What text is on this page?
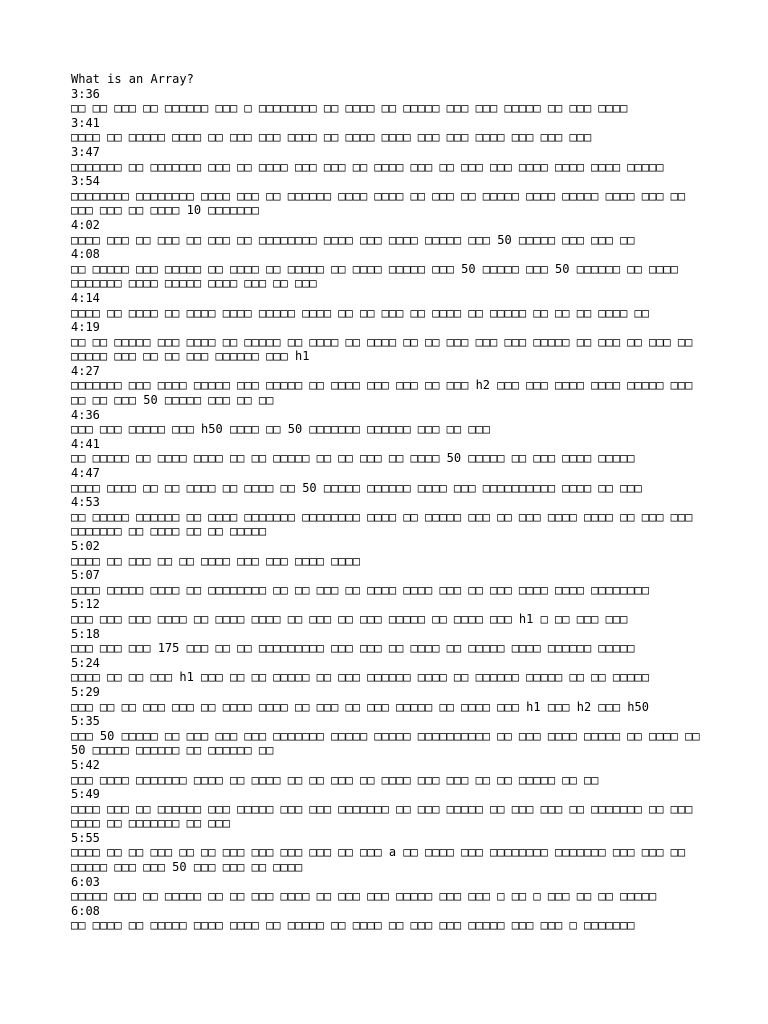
What is an Array?
3:36
□□ □□ □□□ □□ □□□□□□ □□□ □ □□□□□□□□ □□ □□□□ □□ □□□□□ □□□ □□□ □□□□□ □□ □□□ □□□□
3:41
□□□□ □□ □□□□□ □□□□ □□ □□□ □□□ □□□□ □□ □□□□ □□□□ □□□ □□□ □□□□ □□□ □□□ □□□
3:47
□□□□□□□ □□ □□□□□□□ □□□ □□ □□□□ □□□ □□□ □□ □□□□ □□□ □□ □□□ □□□ □□□□ □□□□ □□□□ □□□□□
3:54
□□□□□□□□ □□□□□□□□ □□□□ □□□ □□ □□□□□□ □□□□ □□□□ □□ □□□ □□ □□□□□ □□□□ □□□□□ □□□□ □□□ □□ □□□ □□□ □□ □□□□ 10 □□□□□□□
4:02
□□□□ □□□ □□ □□□ □□ □□□ □□ □□□□□□□□ □□□□ □□□ □□□□ □□□□□ □□□ 50 □□□□□ □□□ □□□ □□
4:08
□□ □□□□□ □□□ □□□□□ □□ □□□□ □□ □□□□□ □□ □□□□ □□□□□ □□□ 50 □□□□□ □□□ 50 □□□□□□ □□ □□□□ □□□□□□□ □□□□ □□□□□ □□□□ □□□ □□ □□□
4:14
□□□□ □□ □□□□ □□ □□□□ □□□□ □□□□□ □□□□ □□ □□ □□□ □□ □□□□ □□ □□□□□ □□ □□ □□ □□□□ □□
4:19
□□ □□ □□□□□ □□□ □□□□ □□ □□□□□ □□ □□□□ □□ □□□□ □□ □□ □□□ □□□ □□□ □□□□□ □□ □□□ □□ □□□ □□ □□□□□ □□□ □□ □□ □□□ □□□□□□ □□□ h1
4:27
□□□□□□□ □□□ □□□□ □□□□□ □□□ □□□□□ □□ □□□□ □□□ □□□ □□ □□□ h2 □□□ □□□ □□□□ □□□□ □□□□□ □□□ □□ □□ □□□ 50 □□□□□ □□□ □□ □□
4:36
□□□ □□□ □□□□□ □□□ h50 □□□□ □□ 50 □□□□□□□ □□□□□□ □□□ □□ □□□
4:41
□□ □□□□□ □□ □□□□ □□□□ □□ □□ □□□□□ □□ □□ □□□ □□ □□□□ 50 □□□□□ □□ □□□ □□□□ □□□□□
4:47
□□□□ □□□□ □□ □□ □□□□ □□ □□□□ □□ 50 □□□□□ □□□□□□ □□□□ □□□ □□□□□□□□□□ □□□□ □□ □□□
4:53
□□ □□□□□ □□□□□□ □□ □□□□ □□□□□□□ □□□□□□□□ □□□□ □□ □□□□□ □□□ □□ □□□ □□□□ □□□□ □□ □□□ □□□ □□□□□□□ □□ □□□□ □□ □□ □□□□□
5:02
□□□□ □□ □□□ □□ □□ □□□□ □□□ □□□ □□□□ □□□□
5:07
□□□□ □□□□□ □□□□ □□ □□□□□□□□ □□ □□ □□□ □□ □□□□ □□□□ □□□ □□ □□□ □□□□ □□□□ □□□□□□□□
5:12
□□□ □□□ □□□ □□□□ □□ □□□□ □□□□ □□ □□□ □□ □□□ □□□□□ □□ □□□□ □□□ h1 □ □□ □□□ □□□
5:18
□□□ □□□ □□□ 175 □□□ □□ □□ □□□□□□□□□ □□□ □□□ □□ □□□□ □□ □□□□□ □□□□ □□□□□□ □□□□□
5:24
□□□□ □□ □□ □□□ h1 □□□ □□ □□ □□□□□ □□ □□□ □□□□□□ □□□□ □□ □□□□□□ □□□□□ □□ □□ □□□□□
5:29
□□□ □□ □□ □□□ □□□ □□ □□□□ □□□□ □□ □□□ □□ □□□ □□□□□ □□ □□□□ □□□ h1 □□□ h2 □□□ h50
5:35
□□□ 50 □□□□□ □□ □□□ □□□ □□□ □□□□□□□ □□□□□ □□□□□ □□□□□□□□□□ □□ □□□ □□□□ □□□□□ □□ □□□□ □□ 50 □□□□□ □□□□□□ □□ □□□□□□ □□
5:42
□□□ □□□□ □□□□□□□ □□□□ □□ □□□□ □□ □□ □□□ □□ □□□□ □□□ □□□ □□ □□ □□□□□ □□ □□
5:49
□□□□ □□□ □□ □□□□□□ □□□ □□□□□ □□□ □□□ □□□□□□□ □□ □□□ □□□□□ □□ □□□ □□□ □□ □□□□□□□ □□ □□□ □□□□ □□ □□□□□□□ □□ □□□
5:55
□□□□ □□ □□ □□□ □□ □□ □□□ □□□ □□□ □□□ □□ □□□ a □□ □□□□ □□□ □□□□□□□□ □□□□□□□ □□□ □□□ □□ □□□□□ □□□ □□□ 50 □□□ □□□ □□ □□□□
6:03
□□□□□ □□□ □□ □□□□□ □□ □□ □□□ □□□□ □□ □□□ □□□ □□□□□ □□□ □□□ □ □□ □ □□□ □□ □□ □□□□□
6:08
□□ □□□□ □□ □□□□□ □□□□ □□□□ □□ □□□□□ □□ □□□□ □□ □□□ □□□ □□□□□ □□□ □□□ □ □□□□□□□
